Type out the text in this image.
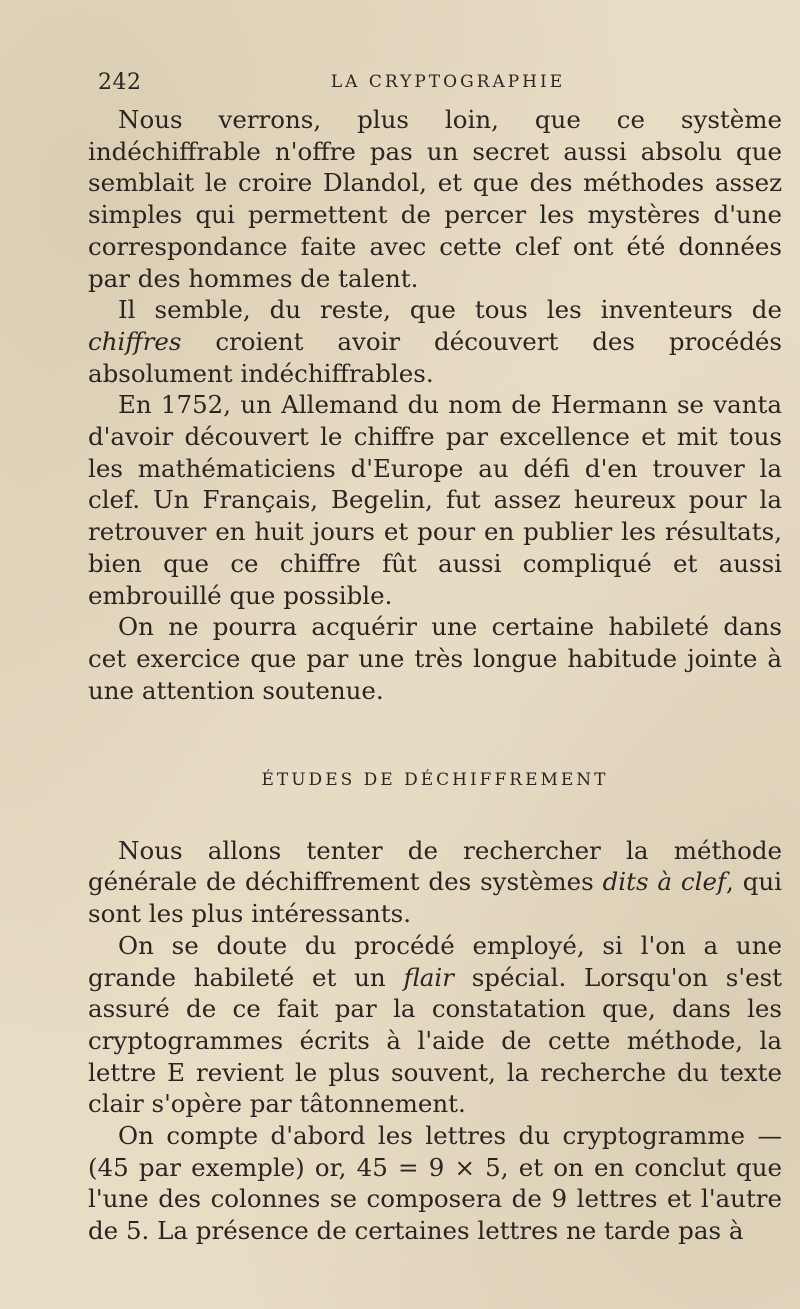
242	LA CRYPTOGRAPHIE

Nous verrons, plus loin, que ce système indéchiffrable n'offre pas un secret aussi absolu que semblait le croire Dlandol, et que des méthodes assez simples qui permettent de percer les mystères d'une correspondance faite avec cette clef ont été données par des hommes de talent.

Il semble, du reste, que tous les inventeurs de chiffres croient avoir découvert des procédés absolument indéchiffrables.

En 1752, un Allemand du nom de Hermann se vanta d'avoir découvert le chiffre par excellence et mit tous les mathématiciens d'Europe au défi d'en trouver la clef. Un Français, Begelin, fut assez heureux pour la retrouver en huit jours et pour en publier les résultats, bien que ce chiffre fût aussi compliqué et aussi embrouillé que possible.

On ne pourra acquérir une certaine habileté dans cet exercice que par une très longue habitude jointe à une attention soutenue.

ÉTUDES DE DÉCHIFFREMENT

Nous allons tenter de rechercher la méthode générale de déchiffrement des systèmes dits à clef, qui sont les plus intéressants.

On se doute du procédé employé, si l'on a une grande habileté et un flair spécial. Lorsqu'on s'est assuré de ce fait par la constatation que, dans les cryptogrammes écrits à l'aide de cette méthode, la lettre E revient le plus souvent, la recherche du texte clair s'opère par tâtonnement.

On compte d'abord les lettres du cryptogramme — (45 par exemple) or, 45 = 9 × 5, et on en conclut que l'une des colonnes se composera de 9 lettres et l'autre de 5. La présence de certaines lettres ne tarde pas à
